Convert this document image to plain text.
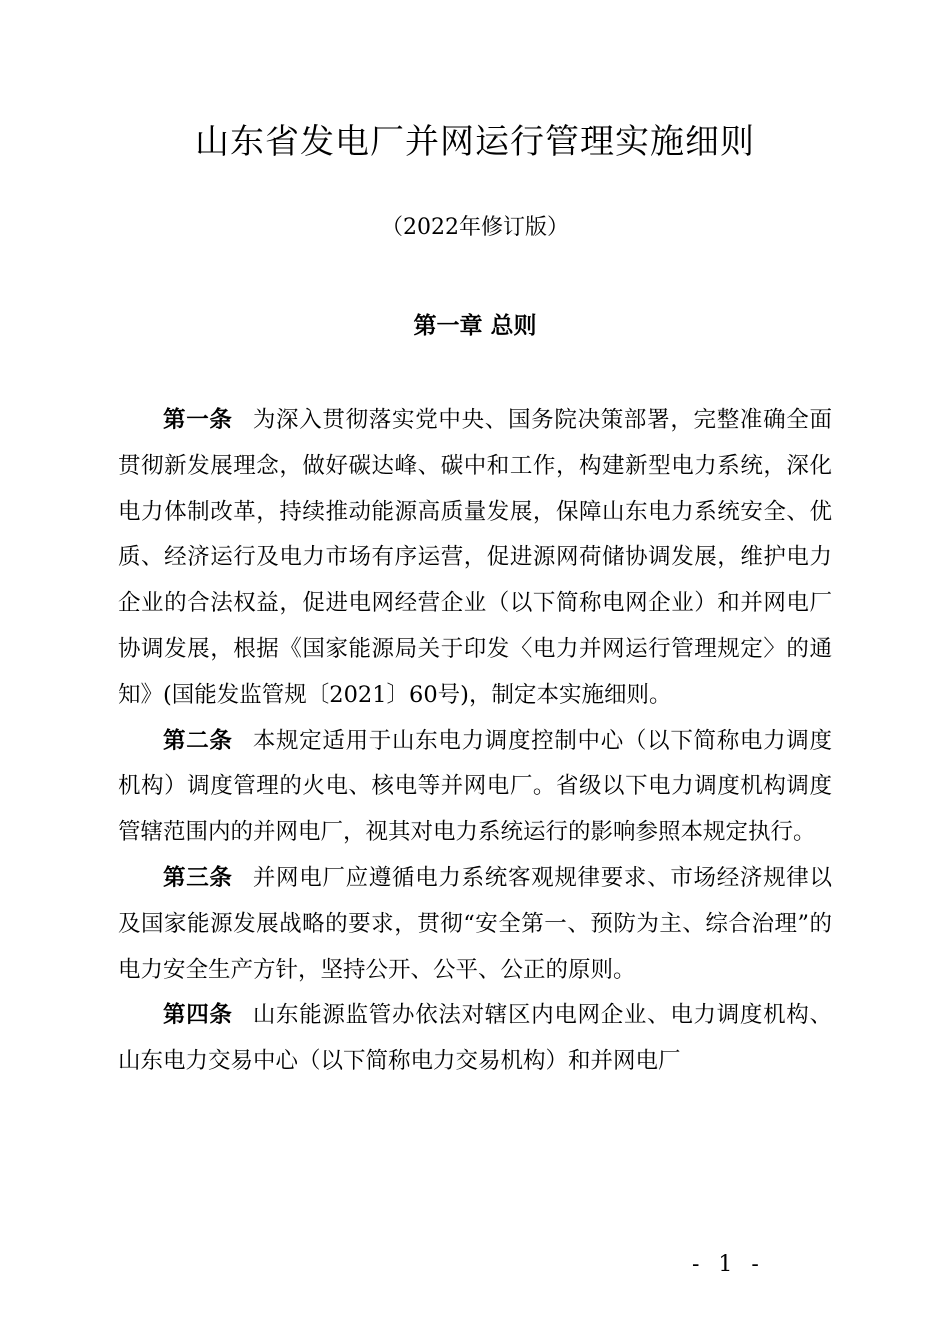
山东省发电厂并网运行管理实施细则
（2022年修订版）
第一章 总则

第一条 为深入贯彻落实党中央、国务院决策部署，完整准确全面贯彻新发展理念，做好碳达峰、碳中和工作，构建新型电力系统，深化电力体制改革，持续推动能源高质量发展，保障山东电力系统安全、优质、经济运行及电力市场有序运营，促进源网荷储协调发展，维护电力企业的合法权益，促进电网经营企业（以下简称电网企业）和并网电厂协调发展，根据《国家能源局关于印发〈电力并网运行管理规定〉的通知》(国能发监管规〔2021〕60号)，制定本实施细则。

第二条 本规定适用于山东电力调度控制中心（以下简称电力调度机构）调度管理的火电、核电等并网电厂。省级以下电力调度机构调度管辖范围内的并网电厂，视其对电力系统运行的影响参照本规定执行。

第三条 并网电厂应遵循电力系统客观规律要求、市场经济规律以及国家能源发展战略的要求，贯彻“安全第一、预防为主、综合治理”的电力安全生产方针，坚持公开、公平、公正的原则。

第四条 山东能源监管办依法对辖区内电网企业、电力调度机构、山东电力交易中心（以下简称电力交易机构）和并网电厂

- 1 -
